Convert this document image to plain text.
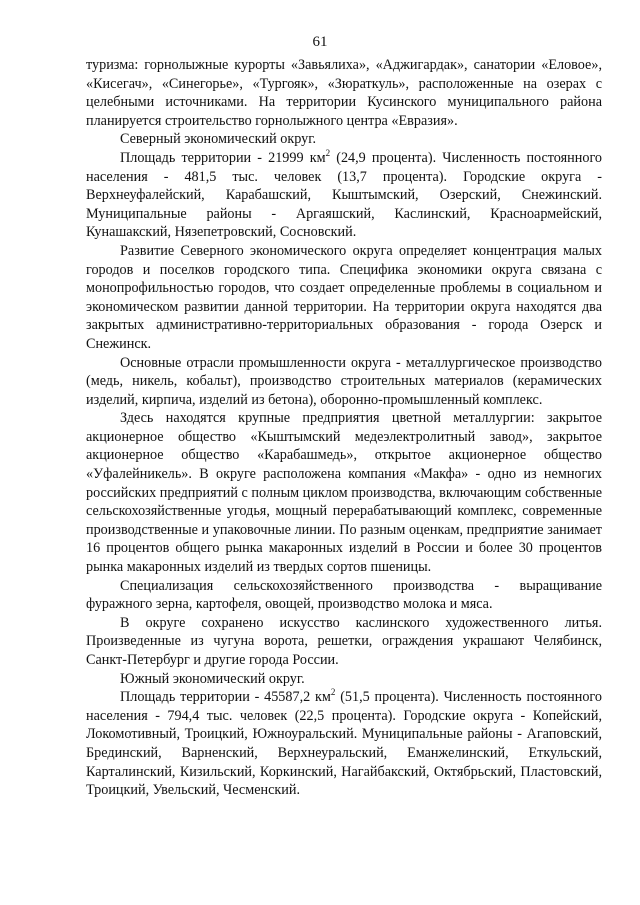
61

туризма: горнолыжные курорты «Завьялиха», «Аджигардак», санатории «Еловое», «Кисегач», «Синегорье», «Тургояк», «Зюраткуль», расположенные на озерах с целебными источниками. На территории Кусинского муниципального района планируется строительство горнолыжного центра «Евразия».

Северный экономический округ.

Площадь территории - 21999 $км^2$ (24,9 процента). Численность постоянного населения - 481,5 тыс. человек (13,7 процента). Городские округа - Верхнеуфалейский, Карабашский, Кыштымский, Озерский, Снежинский. Муниципальные районы - Аргаяшский, Каслинский, Красноармейский, Кунашакский, Нязепетровский, Сосновский.

Развитие Северного экономического округа определяет концентрация малых городов и поселков городского типа. Специфика экономики округа связана с монопрофильностью городов, что создает определенные проблемы в социальном и экономическом развитии данной территории. На территории округа находятся два закрытых административно-территориальных образования - города Озерск и Снежинск.

Основные отрасли промышленности округа - металлургическое производство (медь, никель, кобальт), производство строительных материалов (керамических изделий, кирпича, изделий из бетона), оборонно-промышленный комплекс.

Здесь находятся крупные предприятия цветной металлургии: закрытое акционерное общество «Кыштымский медеэлектролитный завод», закрытое акционерное общество «Карабашмедь», открытое акционерное общество «Уфалейникель». В округе расположена компания «Макфа» - одно из немногих российских предприятий с полным циклом производства, включающим собственные сельскохозяйственные угодья, мощный перерабатывающий комплекс, современные производственные и упаковочные линии. По разным оценкам, предприятие занимает 16 процентов общего рынка макаронных изделий в России и более 30 процентов рынка макаронных изделий из твердых сортов пшеницы.

Специализация сельскохозяйственного производства - выращивание фуражного зерна, картофеля, овощей, производство молока и мяса.

В округе сохранено искусство каслинского художественного литья. Произведенные из чугуна ворота, решетки, ограждения украшают Челябинск, Санкт-Петербург и другие города России.

Южный экономический округ.

Площадь территории - 45587,2 $км^2$ (51,5 процента). Численность постоянного населения - 794,4 тыс. человек (22,5 процента). Городские округа - Копейский, Локомотивный, Троицкий, Южноуральский. Муниципальные районы - Агаповский, Брединский, Варненский, Верхнеуральский, Еманжелинский, Еткульский, Карталинский, Кизильский, Коркинский, Нагайбакский, Октябрьский, Пластовский, Троицкий, Увельский, Чесменский.
